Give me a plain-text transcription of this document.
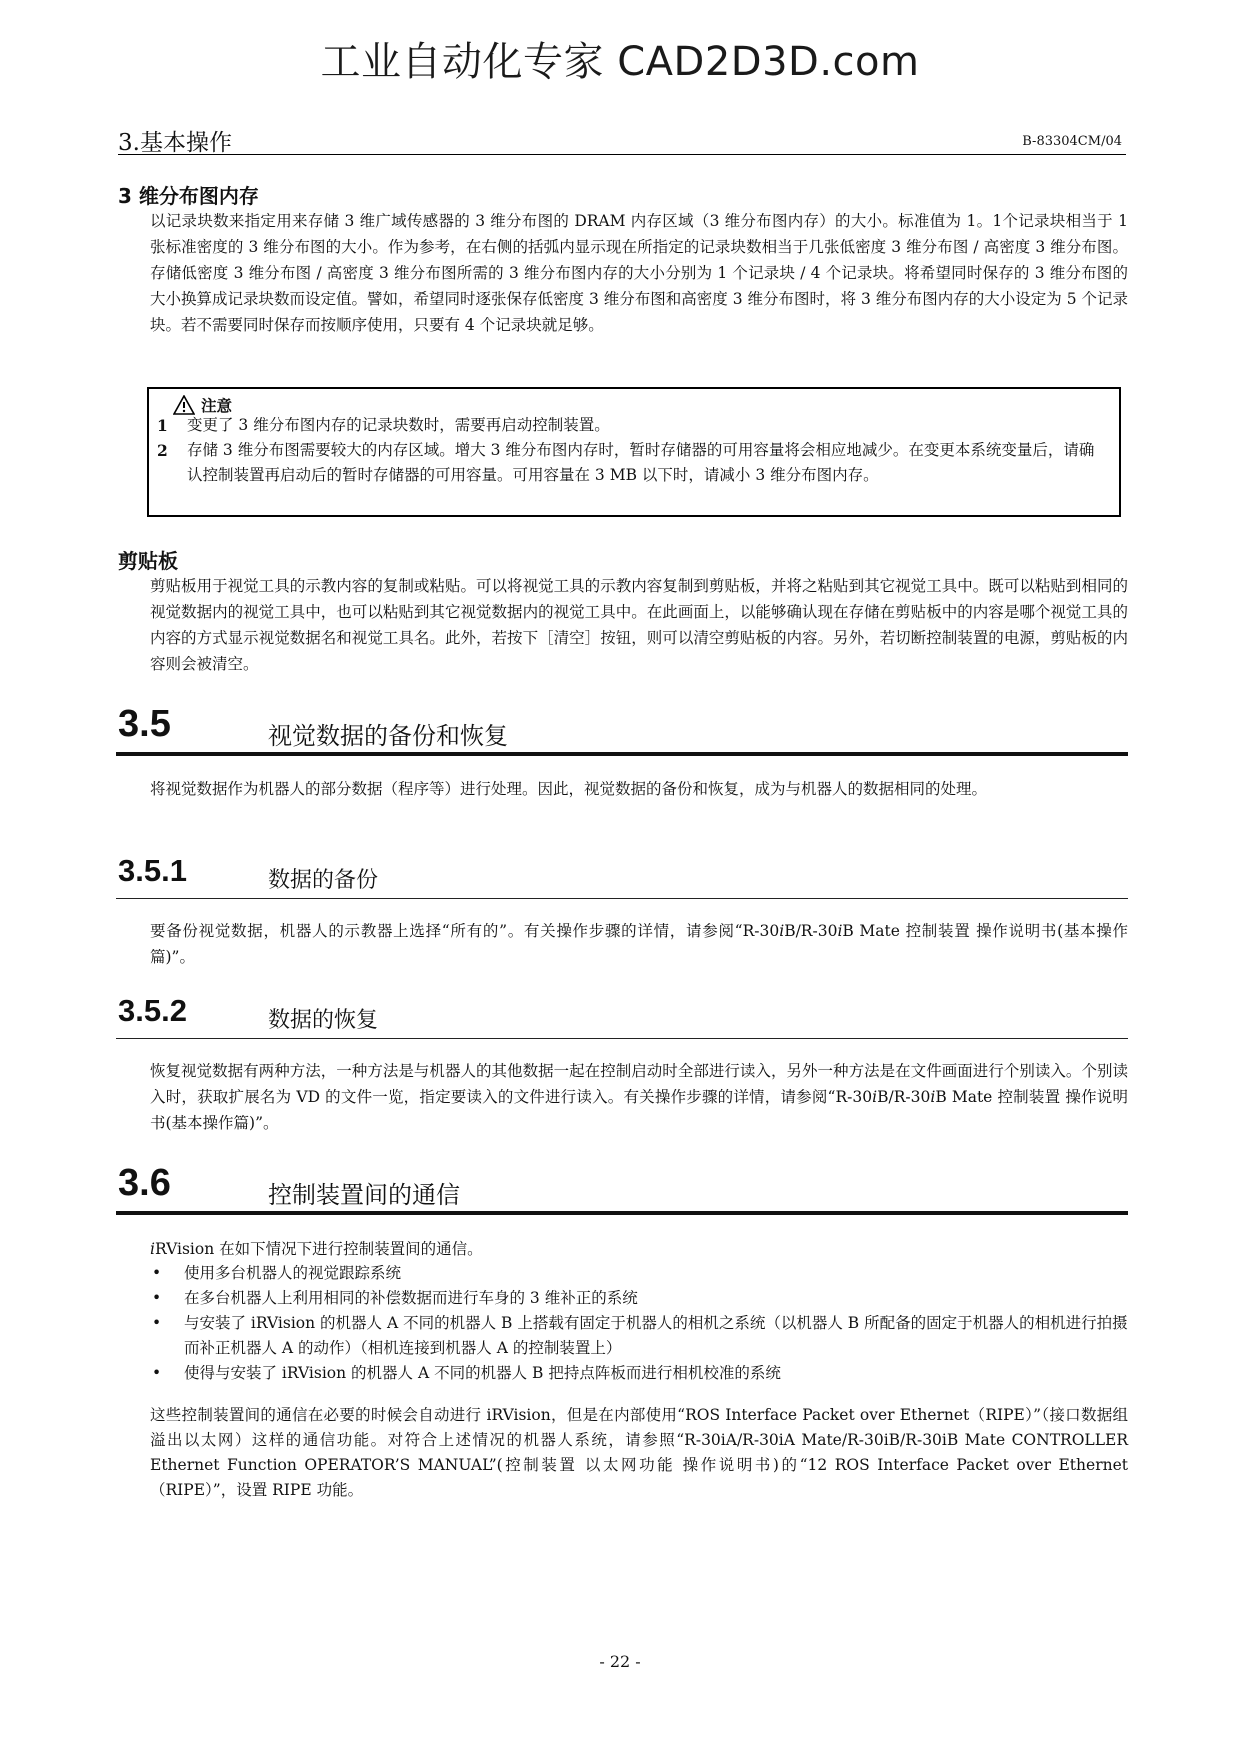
工业自动化专家 CAD2D3D.com
3.基本操作	B-83304CM/04
3 维分布图内存

以记录块数来指定用来存储 3 维广域传感器的 3 维分布图的 DRAM 内存区域（3 维分布图内存）的大小。标准值为 1。1个记录块相当于 1 张标准密度的 3 维分布图的大小。作为参考，在右侧的括弧内显示现在所指定的记录块数相当于几张低密度 3 维分布图 / 高密度 3 维分布图。存储低密度 3 维分布图 / 高密度 3 维分布图所需的 3 维分布图内存的大小分别为 1 个记录块 / 4 个记录块。将希望同时保存的 3 维分布图的大小换算成记录块数而设定值。譬如，希望同时逐张保存低密度 3 维分布图和高密度 3 维分布图时，将 3 维分布图内存的大小设定为 5 个记录块。若不需要同时保存而按顺序使用，只要有 4 个记录块就足够。

注意
1 变更了 3 维分布图内存的记录块数时，需要再启动控制装置。
2 存储 3 维分布图需要较大的内存区域。增大 3 维分布图内存时，暂时存储器的可用容量将会相应地减少。在变更本系统变量后，请确认控制装置再启动后的暂时存储器的可用容量。可用容量在 3 MB 以下时，请减小 3 维分布图内存。
剪贴板

剪贴板用于视觉工具的示教内容的复制或粘贴。可以将视觉工具的示教内容复制到剪贴板，并将之粘贴到其它视觉工具中。既可以粘贴到相同的视觉数据内的视觉工具中，也可以粘贴到其它视觉数据内的视觉工具中。在此画面上，以能够确认现在存储在剪贴板中的内容是哪个视觉工具的内容的方式显示视觉数据名和视觉工具名。此外，若按下［清空］按钮，则可以清空剪贴板的内容。另外，若切断控制装置的电源，剪贴板的内容则会被清空。

3.5	视觉数据的备份和恢复

将视觉数据作为机器人的部分数据（程序等）进行处理。因此，视觉数据的备份和恢复，成为与机器人的数据相同的处理。

3.5.1	数据的备份

要备份视觉数据，机器人的示教器上选择“所有的”。有关操作步骤的详情，请参阅“R-30iB/R-30iB Mate 控制装置 操作说明书(基本操作篇)”。

3.5.2	数据的恢复

恢复视觉数据有两种方法，一种方法是与机器人的其他数据一起在控制启动时全部进行读入，另外一种方法是在文件画面进行个别读入。个别读入时，获取扩展名为 VD 的文件一览，指定要读入的文件进行读入。有关操作步骤的详情，请参阅“R-30iB/R-30iB Mate 控制装置 操作说明书(基本操作篇)”。

3.6	控制装置间的通信

iRVision 在如下情况下进行控制装置间的通信。

• 使用多台机器人的视觉跟踪系统
• 在多台机器人上利用相同的补偿数据而进行车身的 3 维补正的系统
• 与安装了 iRVision 的机器人 A 不同的机器人 B 上搭载有固定于机器人的相机之系统（以机器人 B 所配备的固定于机器人的相机进行拍摄而补正机器人 A 的动作）（相机连接到机器人 A 的控制装置上）
• 使得与安装了 iRVision 的机器人 A 不同的机器人 B 把持点阵板而进行相机校准的系统

这些控制装置间的通信在必要的时候会自动进行 iRVision，但是在内部使用“ROS Interface Packet over Ethernet（RIPE）”（接口数据组溢出以太网）这样的通信功能。对符合上述情况的机器人系统，请参照“R-30iA/R-30iA Mate/R-30iB/R-30iB Mate CONTROLLER Ethernet Function OPERATOR’S MANUAL”(控制装置 以太网功能 操作说明书)的“12 ROS Interface Packet over Ethernet（RIPE）”，设置 RIPE 功能。

- 22 -
